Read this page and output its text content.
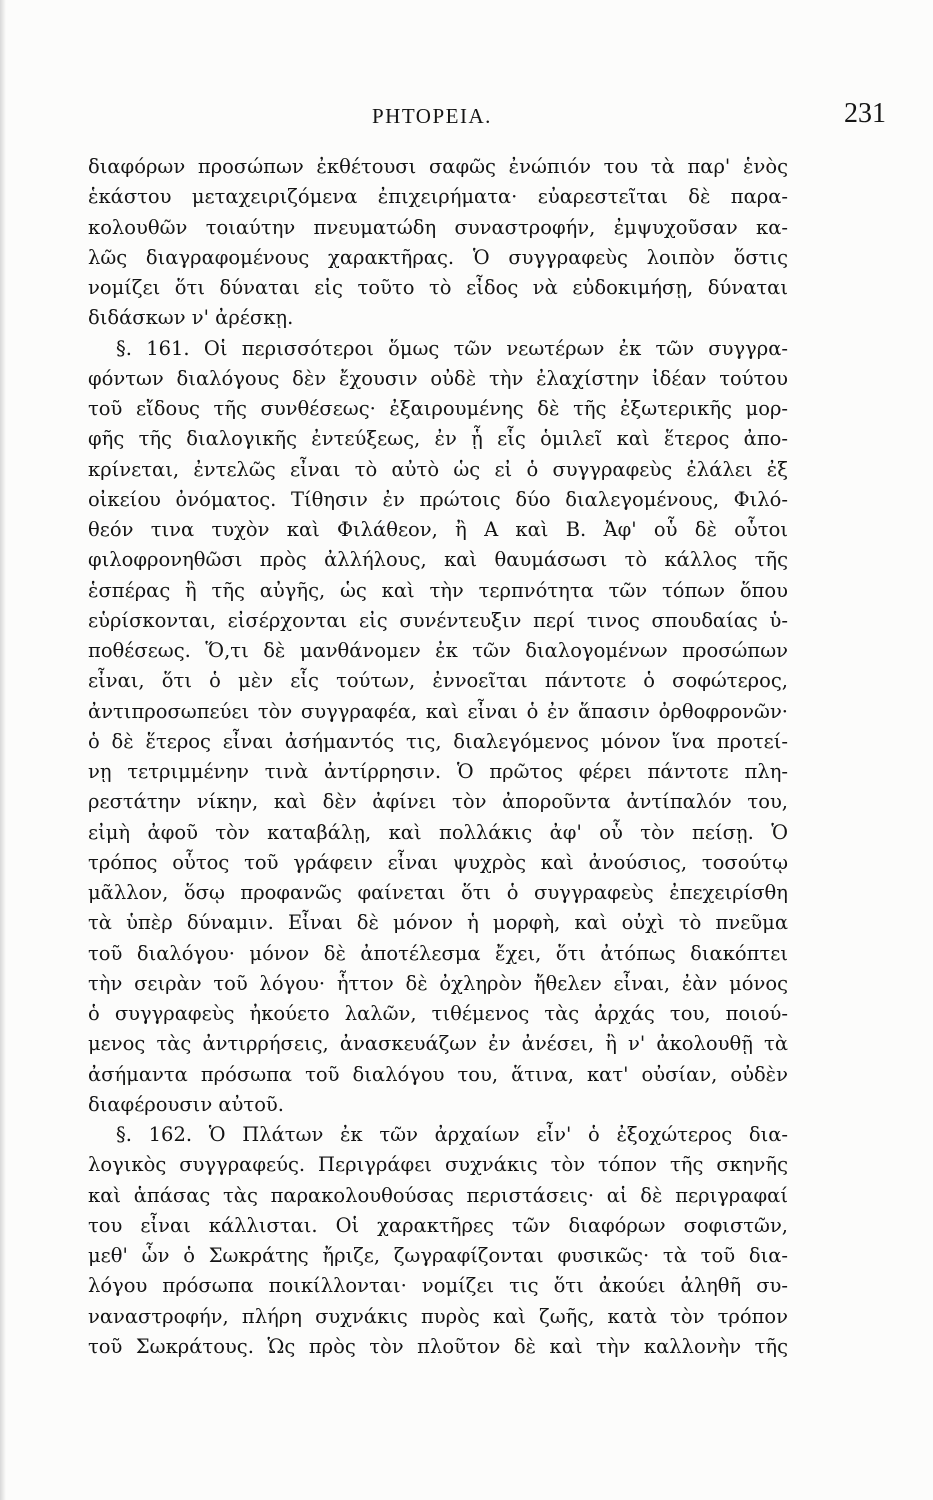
ΡΗΤΟΡΕΙΑ.	231
διαφόρων προσώπων ἐκθέτουσι σαφῶς ἐνώπιόν του τὰ παρ' ἑνὸς
ἑκάστου μεταχειριζόμενα ἐπιχειρήματα· εὐαρεστεῖται δὲ παρα-
κολουθῶν τοιαύτην πνευματώδη συναστροφήν, ἐμψυχοῦσαν κα-
λῶς διαγραφομένους χαρακτῆρας. Ὁ συγγραφεὺς λοιπὸν ὅστις
νομίζει ὅτι δύναται εἰς τοῦτο τὸ εἶδος νὰ εὐδοκιμήσῃ, δύναται
διδάσκων ν' ἀρέσκῃ.
§. 161. Οἱ περισσότεροι ὅμως τῶν νεωτέρων ἐκ τῶν συγγρα-
φόντων διαλόγους δὲν ἔχουσιν οὐδὲ τὴν ἐλαχίστην ἰδέαν τούτου
τοῦ εἴδους τῆς συνθέσεως· ἐξαιρουμένης δὲ τῆς ἐξωτερικῆς μορ-
φῆς τῆς διαλογικῆς ἐντεύξεως, ἐν ᾗ εἷς ὁμιλεῖ καὶ ἕτερος ἀπο-
κρίνεται, ἐντελῶς εἶναι τὸ αὐτὸ ὡς εἰ ὁ συγγραφεὺς ἐλάλει ἐξ
οἰκείου ὀνόματος. Τίθησιν ἐν πρώτοις δύο διαλεγομένους, Φιλό-
θεόν τινα τυχὸν καὶ Φιλάθεον, ἢ Α καὶ Β. Ἀφ' οὗ δὲ οὗτοι
φιλοφρονηθῶσι πρὸς ἀλλήλους, καὶ θαυμάσωσι τὸ κάλλος τῆς
ἑσπέρας ἢ τῆς αὐγῆς, ὡς καὶ τὴν τερπνότητα τῶν τόπων ὅπου
εὑρίσκονται, εἰσέρχονται εἰς συνέντευξιν περί τινος σπουδαίας ὑ-
ποθέσεως. Ὅ,τι δὲ μανθάνομεν ἐκ τῶν διαλογομένων προσώπων
εἶναι, ὅτι ὁ μὲν εἷς τούτων, ἐννοεῖται πάντοτε ὁ σοφώτερος,
ἀντιπροσωπεύει τὸν συγγραφέα, καὶ εἶναι ὁ ἐν ἅπασιν ὀρθοφρονῶν·
ὁ δὲ ἕτερος εἶναι ἀσήμαντός τις, διαλεγόμενος μόνον ἵνα προτεί-
νῃ τετριμμένην τινὰ ἀντίρρησιν. Ὁ πρῶτος φέρει πάντοτε πλη-
ρεστάτην νίκην, καὶ δὲν ἀφίνει τὸν ἀποροῦντα ἀντίπαλόν του,
εἰμὴ ἀφοῦ τὸν καταβάλῃ, καὶ πολλάκις ἀφ' οὗ τὸν πείσῃ. Ὁ
τρόπος οὗτος τοῦ γράφειν εἶναι ψυχρὸς καὶ ἀνούσιος, τοσούτῳ
μᾶλλον, ὅσῳ προφανῶς φαίνεται ὅτι ὁ συγγραφεὺς ἐπεχειρίσθη
τὰ ὑπὲρ δύναμιν. Εἶναι δὲ μόνον ἡ μορφὴ, καὶ οὐχὶ τὸ πνεῦμα
τοῦ διαλόγου· μόνον δὲ ἀποτέλεσμα ἔχει, ὅτι ἀτόπως διακόπτει
τὴν σειρὰν τοῦ λόγου· ἧττον δὲ ὀχληρὸν ἤθελεν εἶναι, ἐὰν μόνος
ὁ συγγραφεὺς ἠκούετο λαλῶν, τιθέμενος τὰς ἀρχάς του, ποιού-
μενος τὰς ἀντιρρήσεις, ἀνασκευάζων ἐν ἀνέσει, ἢ ν' ἀκολουθῇ τὰ
ἀσήμαντα πρόσωπα τοῦ διαλόγου του, ἅτινα, κατ' οὐσίαν, οὐδὲν
διαφέρουσιν αὐτοῦ.
§. 162. Ὁ Πλάτων ἐκ τῶν ἀρχαίων εἶν' ὁ ἐξοχώτερος δια-
λογικὸς συγγραφεύς. Περιγράφει συχνάκις τὸν τόπον τῆς σκηνῆς
καὶ ἁπάσας τὰς παρακολουθούσας περιστάσεις· αἱ δὲ περιγραφαί
του εἶναι κάλλισται. Οἱ χαρακτῆρες τῶν διαφόρων σοφιστῶν,
μεθ' ὧν ὁ Σωκράτης ἤριζε, ζωγραφίζονται φυσικῶς· τὰ τοῦ δια-
λόγου πρόσωπα ποικίλλονται· νομίζει τις ὅτι ἀκούει ἀληθῆ συ-
ναναστροφήν, πλήρη συχνάκις πυρὸς καὶ ζωῆς, κατὰ τὸν τρόπον
τοῦ Σωκράτους. Ὡς πρὸς τὸν πλοῦτον δὲ καὶ τὴν καλλονὴν τῆς
